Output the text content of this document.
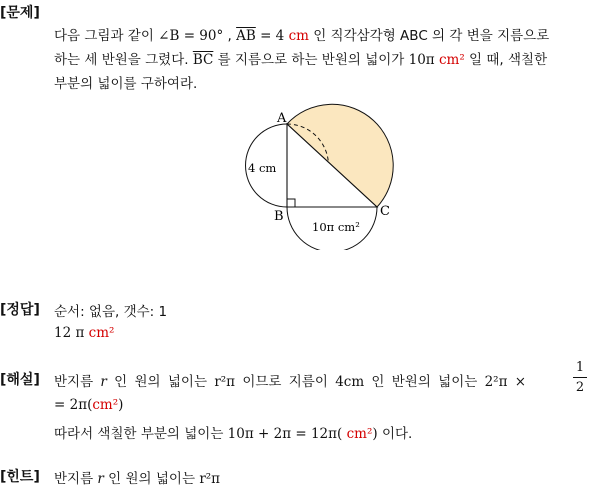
[문제]
다음 그림과 같이 ∠B = 90° , $\overline{AB} = 4$ cm 인 직각삼각형 ABC 의 각 변을 지름으로
하는 세 반원을 그렸다. $\overline{BC}$ 를 지름으로 하는 반원의 넓이가 10π cm² 일 때, 색칠한
부분의 넓이를 구하여라.
A
B	C
4 cm
10π cm²
[정답] 순서: 없음, 갯수: 1
12 π cm²
[해설] 반지름 r 인 원의 넓이는 r²π 이므로 지름이 4cm 인 반원의 넓이는 2²π ×
1
2
= 2π(cm²)
따라서 색칠한 부분의 넓이는 10π + 2π = 12π( cm²) 이다.
[힌트] 반지름 r 인 원의 넓이는 r²π
